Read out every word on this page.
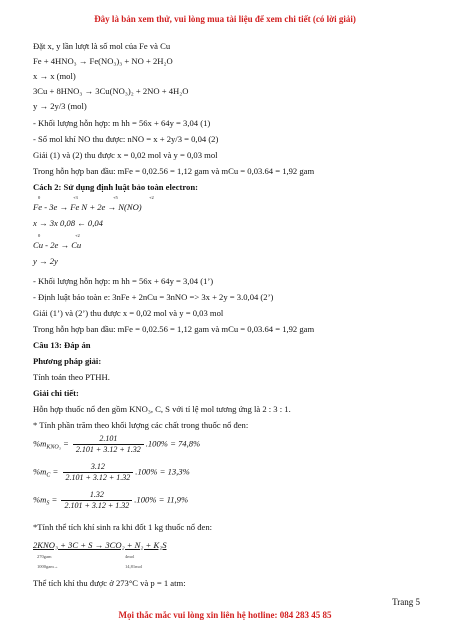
Đây là bản xem thử, vui lòng mua tài liệu để xem chi tiết (có lời giải)
Đặt x, y lần lượt là số mol của Fe và Cu
Fe + 4HNO₃ → Fe(NO₃)₃ + NO + 2H₂O
x → x (mol)
3Cu + 8HNO₃ → 3Cu(NO₃)₂ + 2NO + 4H₂O
y → 2y/3 (mol)
- Khối lượng hỗn hợp: m hh = 56x + 64y = 3,04 (1)
- Số mol khí NO thu được: nNO = x + 2y/3 = 0,04 (2)
Giải (1) và (2) thu được x = 0,02 mol và y = 0,03 mol
Trong hỗn hợp ban đầu: mFe = 0,02.56 = 1,12 gam và mCu = 0,03.64 = 1,92 gam
Cách 2: Sử dụng định luật bảo toàn electron:
Fe - 3e → Fe N + 2e → N(NO)
0	+3	+5	+2
x → 3x 0,08 ← 0,04
Cu - 2e → Cu
0	+2
y → 2y
- Khối lượng hỗn hợp: m hh = 56x + 64y = 3,04 (1’)
- Định luật bảo toàn e: 3nFe + 2nCu = 3nNO => 3x + 2y = 3.0,04 (2’)
Giải (1’) và (2’) thu được x = 0,02 mol và y = 0,03 mol
Trong hỗn hợp ban đầu: mFe = 0,02.56 = 1,12 gam và mCu = 0,03.64 = 1,92 gam
Câu 13: Đáp án
Phương pháp giải:
Tính toán theo PTHH.
Giải chi tiết:
Hỗn hợp thuốc nổ đen gồm KNO₃, C, S với tỉ lệ mol tương ứng là 2 : 3 : 1.
* Tính phần trăm theo khối lượng các chất trong thuốc nổ đen:
$\%m_{KNO_3} = \frac{2.101}{2.101 + 3.12 + 1.32} .100\% = 74,8\%$
$\%m_C = \frac{3.12}{2.101 + 3.12 + 1.32} .100\% = 13,3\%$
$\%m_S = \frac{1.32}{2.101 + 3.12 + 1.32} .100\% = 11,9\%$
*Tính thể tích khí sinh ra khi đốt 1 kg thuốc nổ đen:
2KNO₃ + 3C + S → 3CO₂ + N₂ + K₂S
270gam
1000gam→
4mol
14,81mol
Thể tích khí thu được ở 273°C và p = 1 atm:
Trang 5
Mọi thắc mắc vui lòng xin liên hệ hotline: 084 283 45 85
